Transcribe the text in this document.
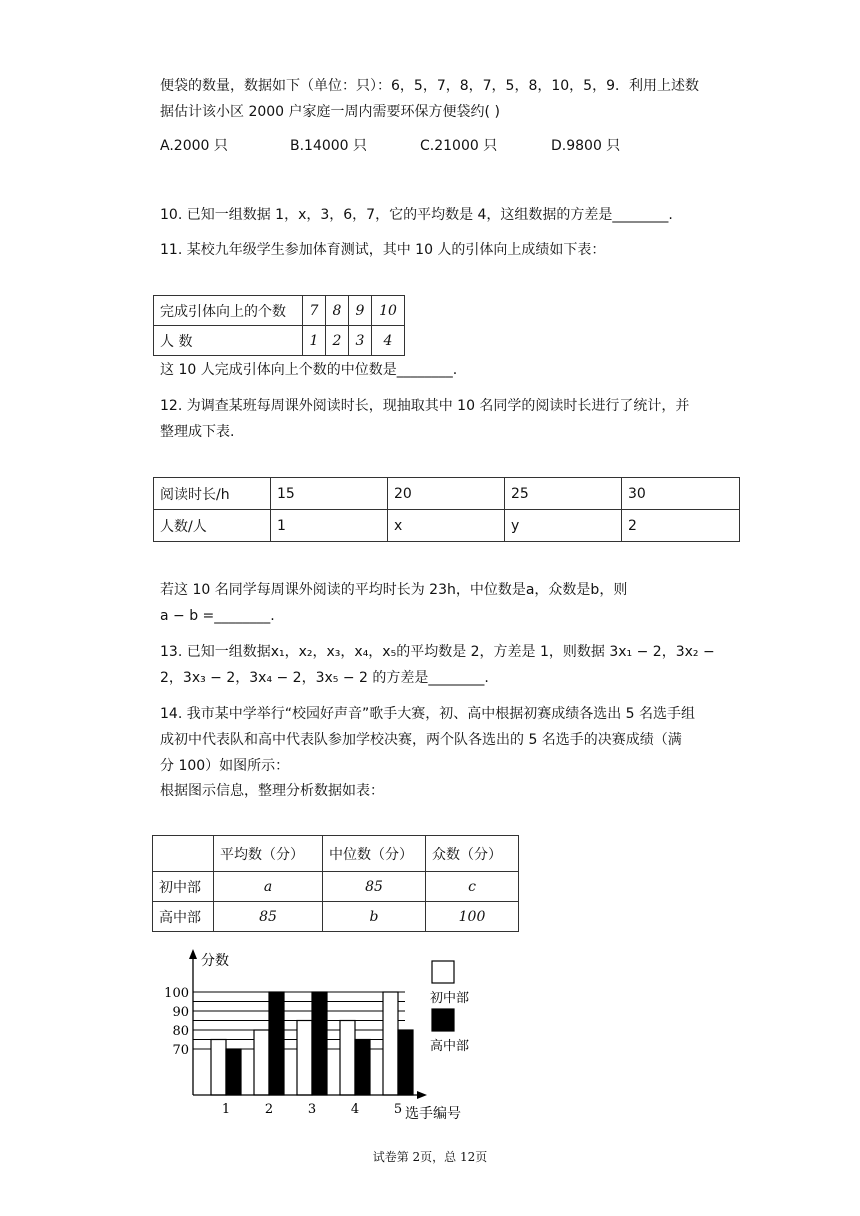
便袋的数量，数据如下（单位：只）：6，5，7，8，7，5，8，10，5，9．利用上述数
据估计该小区 2000 户家庭一周内需要环保方便袋约( )
A.2000 只	B.14000 只	C.21000 只	D.9800 只
10. 已知一组数据 1，x，3，6，7，它的平均数是 4，这组数据的方差是________.
11. 某校九年级学生参加体育测试，其中 10 人的引体向上成绩如下表：
完成引体向上的个数	7	8	9	10
人 数	1	2	3	4
这 10 人完成引体向上个数的中位数是________.
12. 为调查某班每周课外阅读时长，现抽取其中 10 名同学的阅读时长进行了统计，并
整理成下表.
阅读时长/h	15	20	25	30
人数/人	1	x	y	2
若这 10 名同学每周课外阅读的平均时长为 23h，中位数是a，众数是b，则
a − b =________.
13. 已知一组数据x₁，x₂，x₃，x₄，x₅的平均数是 2，方差是 1，则数据 3x₁ − 2，3x₂ −
2，3x₃ − 2，3x₄ − 2，3x₅ − 2 的方差是________.
14. 我市某中学举行“校园好声音”歌手大赛，初、高中根据初赛成绩各选出 5 名选手组
成初中代表队和高中代表队参加学校决赛，两个队各选出的 5 名选手的决赛成绩（满
分 100）如图所示：
根据图示信息，整理分析数据如表：
	平均数（分）	中位数（分）	众数（分）
初中部	a	85	c
高中部	85	b	100
1	2	3	4	5
70
80
90
100
分数
选手编号
初中部
高中部
试卷第 2页，总 12页
